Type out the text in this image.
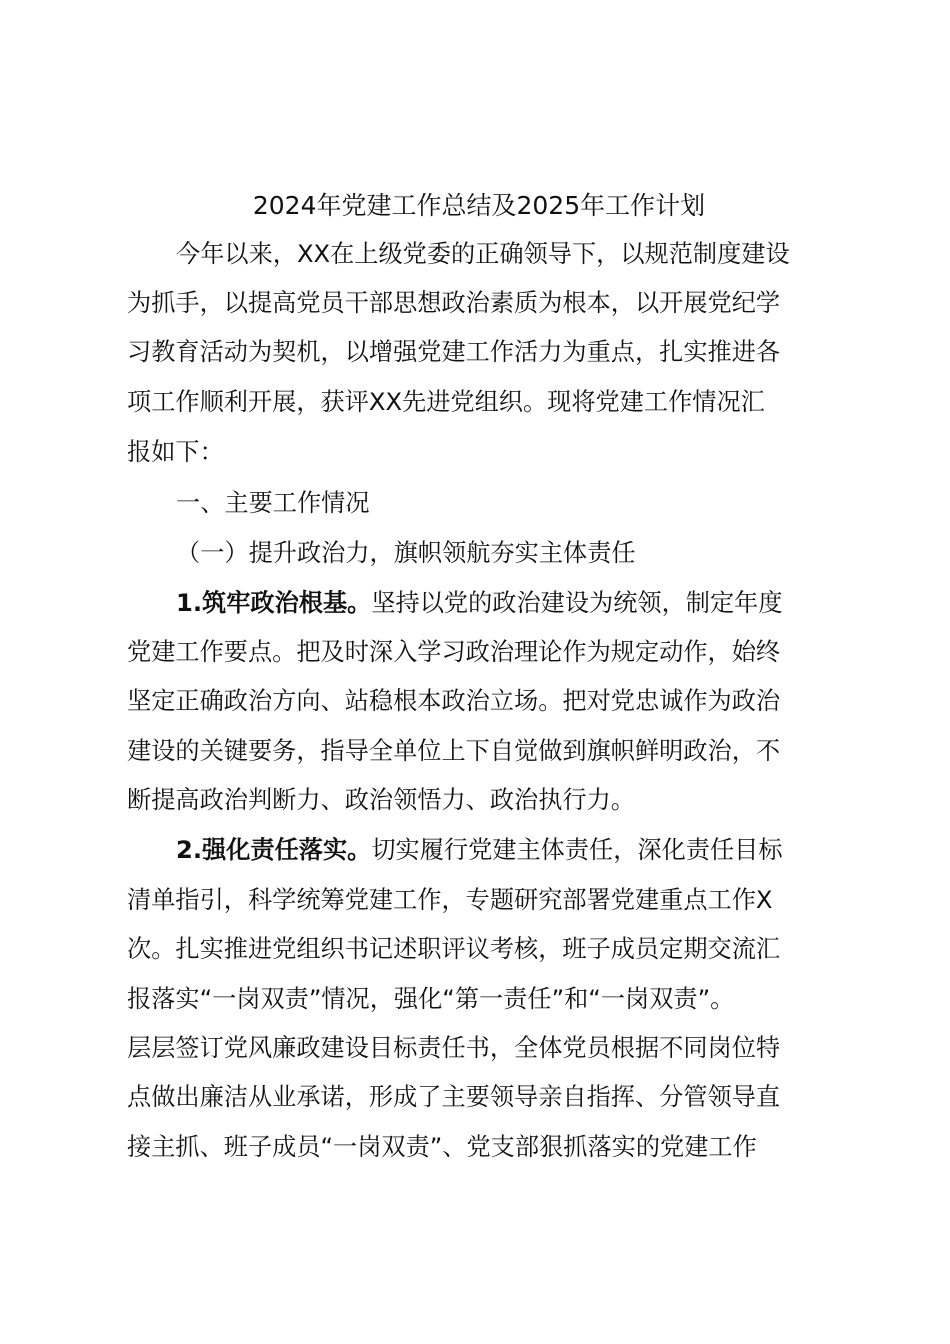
2024年党建工作总结及2025年工作计划

今年以来，XX在上级党委的正确领导下，以规范制度建设

为抓手，以提高党员干部思想政治素质为根本，以开展党纪学

习教育活动为契机，以增强党建工作活力为重点，扎实推进各

项工作顺利开展，获评XX先进党组织。现将党建工作情况汇

报如下：

一、主要工作情况

（一）提升政治力，旗帜领航夯实主体责任

1.筑牢政治根基。坚持以党的政治建设为统领，制定年度

党建工作要点。把及时深入学习政治理论作为规定动作，始终

坚定正确政治方向、站稳根本政治立场。把对党忠诚作为政治

建设的关键要务，指导全单位上下自觉做到旗帜鲜明政治，不

断提高政治判断力、政治领悟力、政治执行力。

2.强化责任落实。切实履行党建主体责任，深化责任目标

清单指引，科学统筹党建工作，专题研究部署党建重点工作X

次。扎实推进党组织书记述职评议考核，班子成员定期交流汇

报落实“一岗双责”情况，强化“第一责任”和“一岗双责”。

层层签订党风廉政建设目标责任书，全体党员根据不同岗位特

点做出廉洁从业承诺，形成了主要领导亲自指挥、分管领导直

接主抓、班子成员“一岗双责”、党支部狠抓落实的党建工作
